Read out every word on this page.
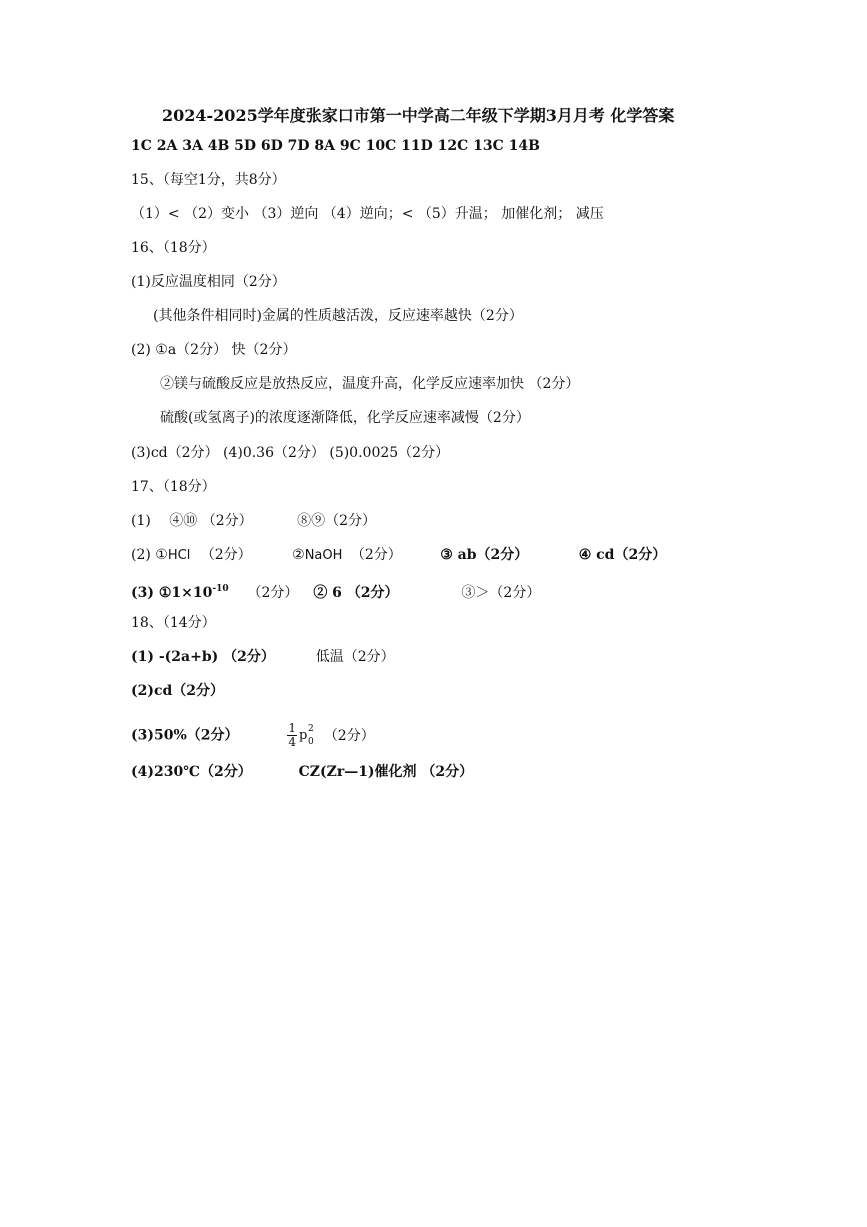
2024-2025学年度张家口市第一中学高二年级下学期3月月考 化学答案
1C 2A 3A 4B 5D 6D 7D 8A 9C 10C 11D 12C 13C 14B
15、（每空1分，共8分）
（1）< （2）变小 （3）逆向 （4）逆向；< （5）升温； 加催化剂； 减压
16、（18分）
(1)反应温度相同（2分）
(其他条件相同时)金属的性质越活泼，反应速率越快（2分）
(2) ①a（2分） 快（2分）
②镁与硫酸反应是放热反应，温度升高，化学反应速率加快 （2分）
硫酸(或氢离子)的浓度逐渐降低，化学反应速率减慢（2分）
(3)cd（2分） (4)0.36（2分） (5)0.0025（2分）
17、（18分）
(1) ④⑩ （2分）	⑧⑨（2分）
(2) ①HCl （2分）	②NaOH （2分）	③ ab（2分）	④ cd（2分）
(3) $①1\times 10^{-10}$ （2分） ② 6 （2分）	③＞（2分）
18、（14分）
(1) -(2a+b) （2分）	低温（2分）
(2)cd（2分）
(3)50%（2分）	$\frac{1}{4}$ p 2
0 （2分）
(4)230℃（2分）	CZ(Zr—1)催化剂 （2分）
